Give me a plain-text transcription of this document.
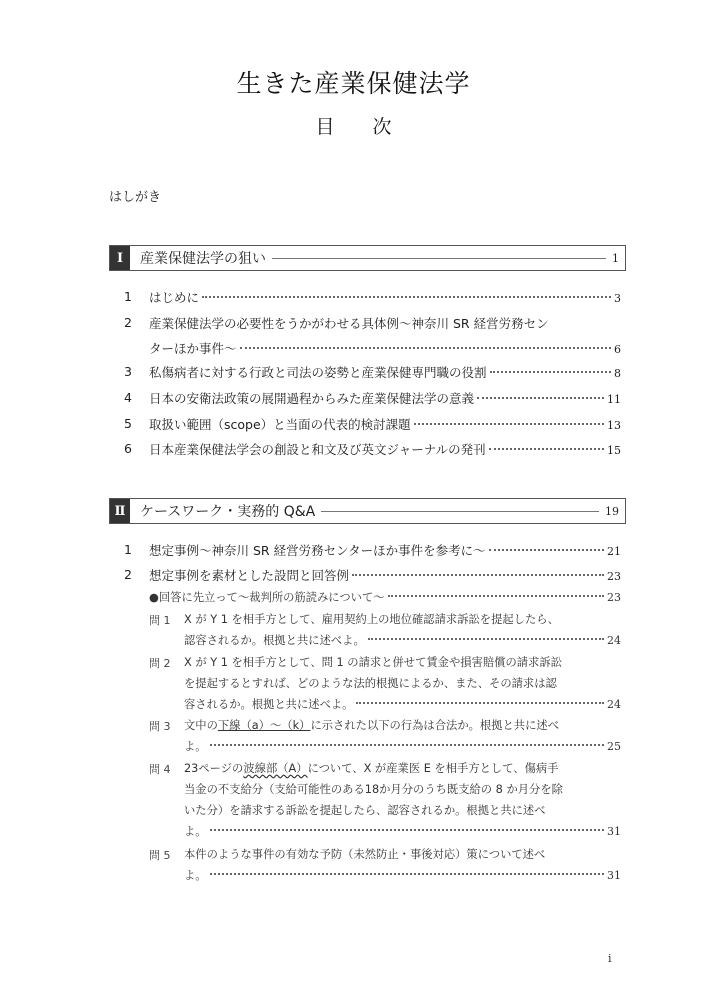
生きた産業保健法学
目 次
はしがき
Ⅰ	産業保健法学の狙い	1
1 はじめに	3
2 産業保健法学の必要性をうかがわせる具体例〜神奈川 SR 経営労務セン
ターほか事件〜	6
3 私傷病者に対する行政と司法の姿勢と産業保健専門職の役割	8
4 日本の安衛法政策の展開過程からみた産業保健法学の意義	11
5 取扱い範囲（scope）と当面の代表的検討課題	13
6 日本産業保健法学会の創設と和文及び英文ジャーナルの発刊	15
Ⅱ	ケースワーク・実務的 Q&A	19
1 想定事例〜神奈川 SR 経営労務センターほか事件を参考に〜	21
2 想定事例を素材とした設問と回答例	23
●回答に先立って〜裁判所の筋読みについて〜	23
問 1 X が Y 1 を相手方として、雇用契約上の地位確認請求訴訟を提起したら、
認容されるか。根拠と共に述べよ。	24
問 2 X が Y 1 を相手方として、問 1 の請求と併せて賃金や損害賠償の請求訴訟
を提起するとすれば、どのような法的根拠によるか、また、その請求は認
容されるか。根拠と共に述べよ。	24
問 3 文中の下線（a）〜（k）に示された以下の行為は合法か。根拠と共に述べ
よ。	25
問 4 23ページの波線部（A）について、X が産業医 E を相手方として、傷病手
当金の不支給分（支給可能性のある18か月分のうち既支給の 8 か月分を除
いた分）を請求する訴訟を提起したら、認容されるか。根拠と共に述べ
よ。	31
問 5 本件のような事件の有効な予防（未然防止・事後対応）策について述べ
よ。	31
i
